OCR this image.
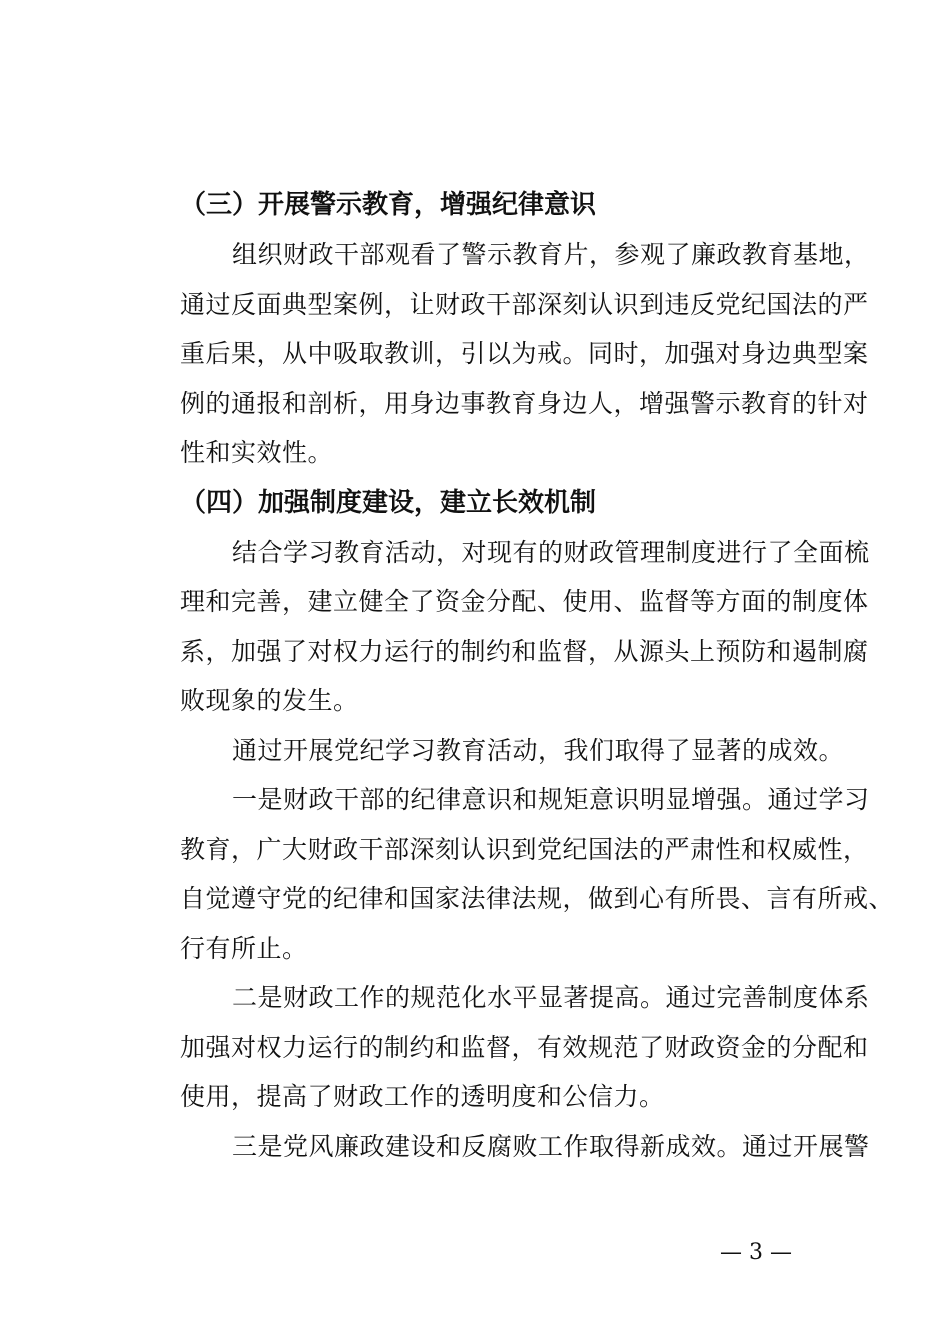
（三）开展警示教育，增强纪律意识
组织财政干部观看了警示教育片，参观了廉政教育基地，
通过反面典型案例，让财政干部深刻认识到违反党纪国法的严
重后果，从中吸取教训，引以为戒。同时，加强对身边典型案
例的通报和剖析，用身边事教育身边人，增强警示教育的针对
性和实效性。
（四）加强制度建设，建立长效机制
结合学习教育活动，对现有的财政管理制度进行了全面梳
理和完善，建立健全了资金分配、使用、监督等方面的制度体
系，加强了对权力运行的制约和监督，从源头上预防和遏制腐
败现象的发生。
通过开展党纪学习教育活动，我们取得了显著的成效。
一是财政干部的纪律意识和规矩意识明显增强。通过学习
教育，广大财政干部深刻认识到党纪国法的严肃性和权威性，
自觉遵守党的纪律和国家法律法规，做到心有所畏、言有所戒、
行有所止。
二是财政工作的规范化水平显著提高。通过完善制度体系
加强对权力运行的制约和监督，有效规范了财政资金的分配和
使用，提高了财政工作的透明度和公信力。
三是党风廉政建设和反腐败工作取得新成效。通过开展警
— 3 —
